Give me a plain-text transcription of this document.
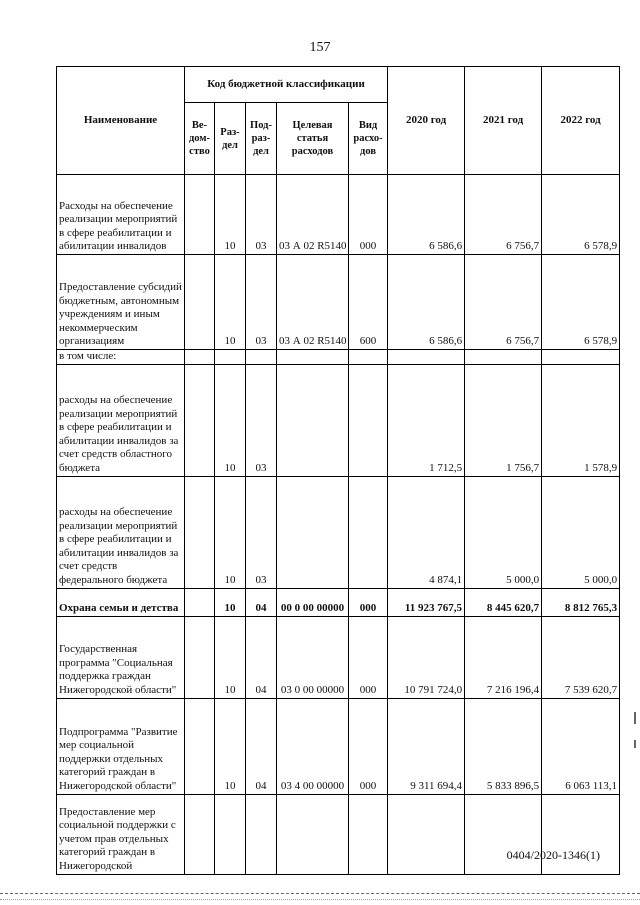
157
Наименование	Код бюджетной классификации					2020 год	2021 год	2022 год
	Ве-дом-ство	Раз-дел	Под-раз-дел	Целевая статья расходов	Вид расхо-дов			
Расходы на обеспечение реализации мероприятий в сфере реабилитации и абилитации инвалидов		10	03	03 А 02 R5140	000	6 586,6	6 756,7	6 578,9
Предоставление субсидий бюджетным, автономным учреждениям и иным некоммерческим организациям		10	03	03 А 02 R5140	600	6 586,6	6 756,7	6 578,9
в том числе:								
расходы на обеспечение реализации мероприятий в сфере реабилитации и абилитации инвалидов за счет средств областного бюджета		10	03			1 712,5	1 756,7	1 578,9
расходы на обеспечение реализации мероприятий в сфере реабилитации и абилитации инвалидов за счет средств федерального бюджета		10	03			4 874,1	5 000,0	5 000,0
Охрана семьи и детства		10	04	00 0 00 00000	000	11 923 767,5	8 445 620,7	8 812 765,3
Государственная программа "Социальная поддержка граждан Нижегородской области"		10	04	03 0 00 00000	000	10 791 724,0	7 216 196,4	7 539 620,7
Подпрограмма "Развитие мер социальной поддержки отдельных категорий граждан в Нижегородской области"		10	04	03 4 00 00000	000	9 311 694,4	5 833 896,5	6 063 113,1
Предоставление мер социальной поддержки с учетом прав отдельных категорий граждан в Нижегородской								
0404/2020-1346(1)
